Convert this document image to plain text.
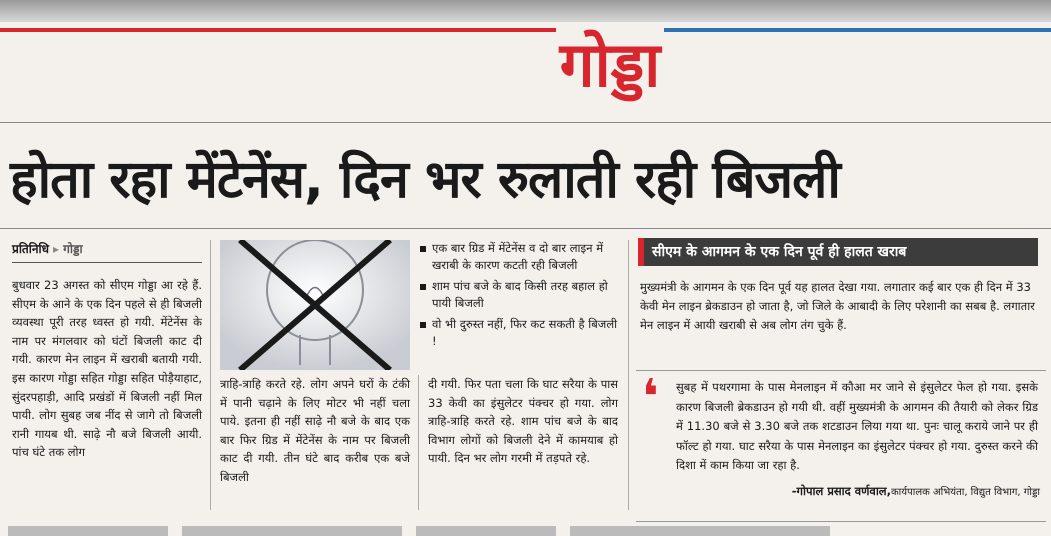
गोड्डा
होता रहा मेंटेनेंस, दिन भर रुलाती रही बिजली
प्रतिनिधि ▸ गोड्डा
बुधवार 23 अगस्त को सीएम गोड्डा आ रहे हैं. सीएम के आने के एक दिन पहले से ही बिजली व्यवस्था पूरी तरह ध्वस्त हो गयी. मेंटेनेंस के नाम पर मंगलवार को घंटों बिजली काट दी गयी. कारण मेन लाइन में खराबी बतायी गयी. इस कारण गोड्डा सहित गोड्डा सहित पोड़ैयाहाट, सुंदरपहाड़ी, आदि प्रखंडों में बिजली नहीं मिल पायी. लोग सुबह जब नींद से जागे तो बिजली रानी गायब थी. साढ़े नौ बजे बिजली आयी. पांच घंटे तक लोग
त्राहि-त्राहि करते रहे. लोग अपने घरों के टंकी में पानी चढ़ाने के लिए मोटर भी नहीं चला पाये. इतना ही नहीं साढ़े नौ बजे के बाद एक बार फिर ग्रिड में मेंटेनेंस के नाम पर बिजली काट दी गयी. तीन घंटे बाद करीब एक बजे बिजली
एक बार ग्रिड में मेंटेनेंस व दो बार लाइन में खराबी के कारण कटती रही बिजली
शाम पांच बजे के बाद किसी तरह बहाल हो पायी बिजली
वो भी दुरुस्त नहीं, फिर कट सकती है बिजली !
दी गयी. फिर पता चला कि घाट सरैया के पास 33 केवी का इंसुलेटर पंक्चर हो गया. लोग त्राहि-त्राहि करते रहे. शाम पांच बजे के बाद विभाग लोगों को बिजली देने में कामयाब हो पायी. दिन भर लोग गरमी में तड़पते रहे.
सीएम के आगमन के एक दिन पूर्व ही हालत खराब
मुख्यमंत्री के आगमन के एक दिन पूर्व यह हालत देखा गया. लगातार कई बार एक ही दिन में 33 केवी मेन लाइन ब्रेकडाउन हो जाता है, जो जिले के आबादी के लिए परेशानी का सबब है. लगातार मेन लाइन में आयी खराबी से अब लोग तंग चुके हैं.
❛	सुबह में पथरगामा के पास मेनलाइन में कौआ मर जाने से इंसुलेटर फेल हो गया. इसके कारण बिजली ब्रेकडाउन हो गयी थी. वहीं मुख्यमंत्री के आगमन की तैयारी को लेकर ग्रिड में 11.30 बजे से 3.30 बजे तक शटडाउन लिया गया था. पुनः चालू कराये जाने पर ही फॉल्ट हो गया. घाट सरैया के पास मेनलाइन का इंसुलेटर पंक्चर हो गया. दुरुस्त करने की दिशा में काम किया जा रहा है.
-गोपाल प्रसाद वर्णवाल,कार्यपालक अभियंता, विद्युत विभाग, गोड्डा
